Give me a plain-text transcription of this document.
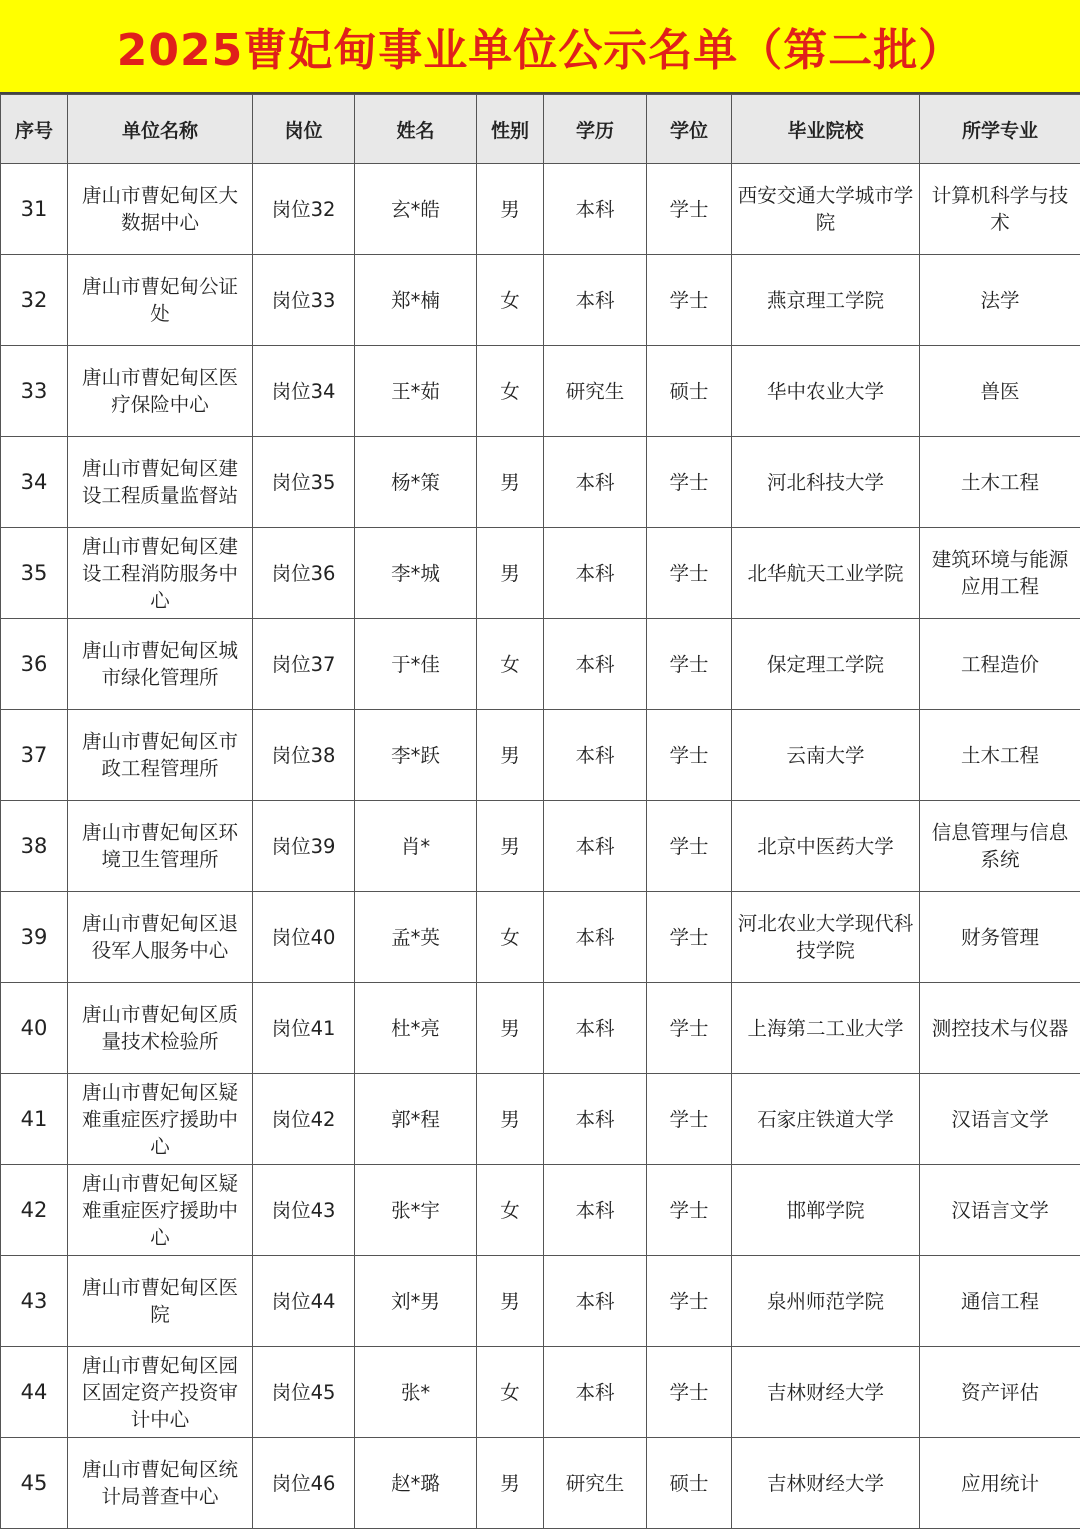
2025曹妃甸事业单位公示名单（第二批）
序号	单位名称	岗位	姓名	性别	学历	学位	毕业院校	所学专业
31	唐山市曹妃甸区大数据中心	岗位32	玄*皓	男	本科	学士	西安交通大学城市学院	计算机科学与技术
32	唐山市曹妃甸公证处	岗位33	郑*楠	女	本科	学士	燕京理工学院	法学
33	唐山市曹妃甸区医疗保险中心	岗位34	王*茹	女	研究生	硕士	华中农业大学	兽医
34	唐山市曹妃甸区建设工程质量监督站	岗位35	杨*策	男	本科	学士	河北科技大学	土木工程
35	唐山市曹妃甸区建设工程消防服务中心	岗位36	李*城	男	本科	学士	北华航天工业学院	建筑环境与能源应用工程
36	唐山市曹妃甸区城市绿化管理所	岗位37	于*佳	女	本科	学士	保定理工学院	工程造价
37	唐山市曹妃甸区市政工程管理所	岗位38	李*跃	男	本科	学士	云南大学	土木工程
38	唐山市曹妃甸区环境卫生管理所	岗位39	肖*	男	本科	学士	北京中医药大学	信息管理与信息系统
39	唐山市曹妃甸区退役军人服务中心	岗位40	孟*英	女	本科	学士	河北农业大学现代科技学院	财务管理
40	唐山市曹妃甸区质量技术检验所	岗位41	杜*亮	男	本科	学士	上海第二工业大学	测控技术与仪器
41	唐山市曹妃甸区疑难重症医疗援助中心	岗位42	郭*程	男	本科	学士	石家庄铁道大学	汉语言文学
42	唐山市曹妃甸区疑难重症医疗援助中心	岗位43	张*宇	女	本科	学士	邯郸学院	汉语言文学
43	唐山市曹妃甸区医院	岗位44	刘*男	男	本科	学士	泉州师范学院	通信工程
44	唐山市曹妃甸区园区固定资产投资审计中心	岗位45	张*	女	本科	学士	吉林财经大学	资产评估
45	唐山市曹妃甸区统计局普查中心	岗位46	赵*璐	男	研究生	硕士	吉林财经大学	应用统计
